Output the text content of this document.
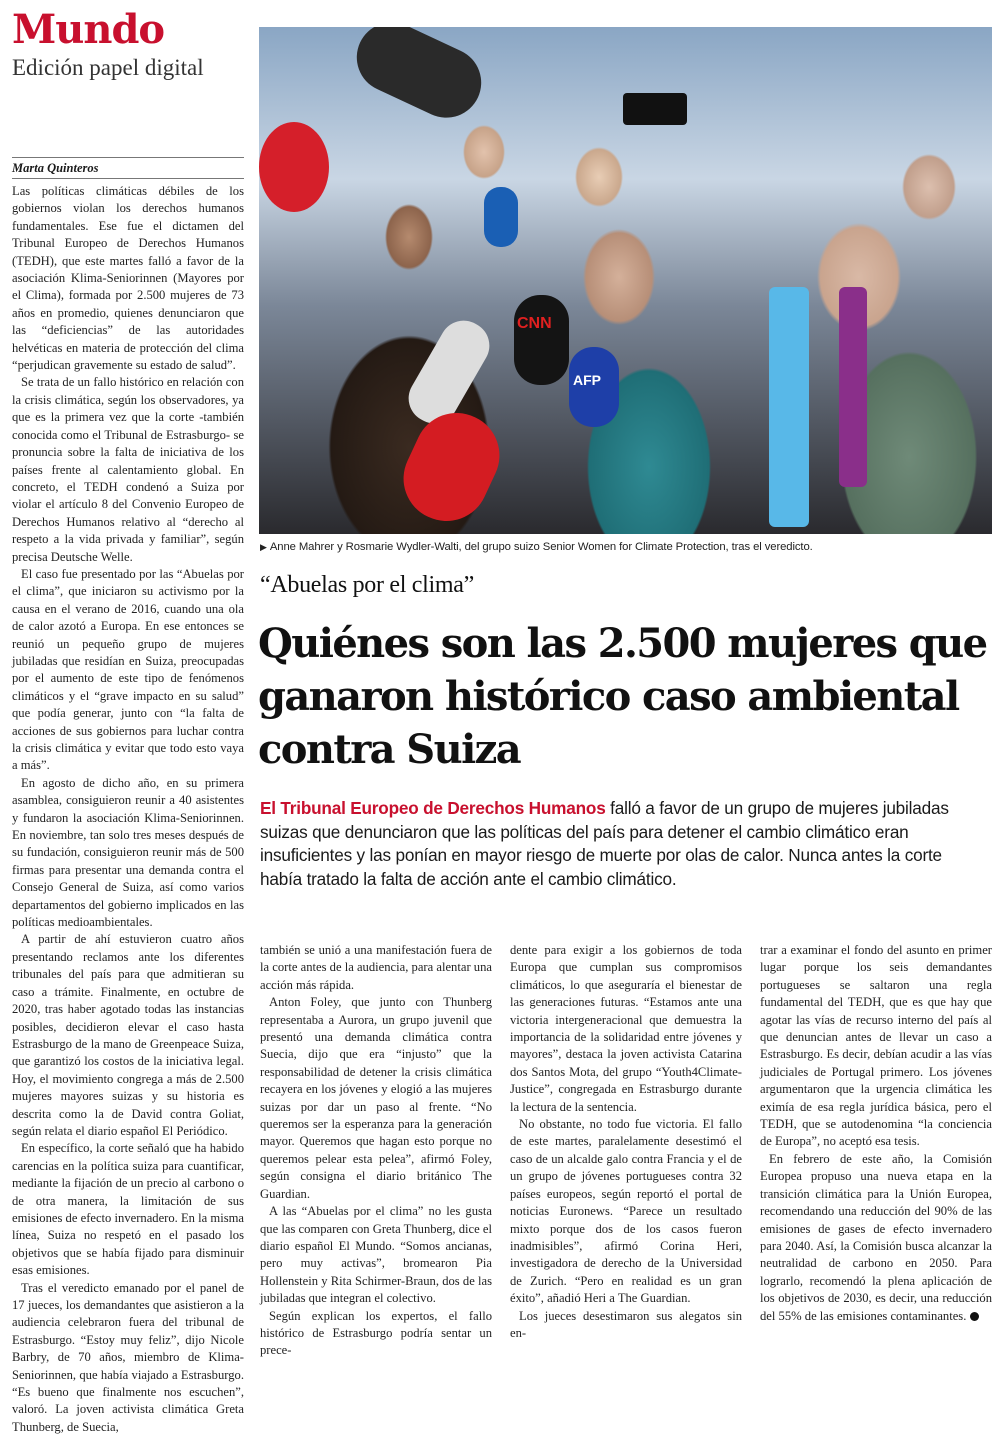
Mundo
Edición papel digital
Marta Quinteros

Las políticas climáticas débiles de los gobiernos violan los derechos humanos fundamentales. Ese fue el dictamen del Tribunal Europeo de Derechos Humanos (TEDH), que este martes falló a favor de la asociación Klima-Seniorinnen (Mayores por el Clima), formada por 2.500 mujeres de 73 años en promedio, quienes denunciaron que las “deficiencias” de las autoridades helvéticas en materia de protección del clima “perjudican gravemente su estado de salud”.

Se trata de un fallo histórico en relación con la crisis climática, según los observadores, ya que es la primera vez que la corte -también conocida como el Tribunal de Estrasburgo- se pronuncia sobre la falta de iniciativa de los países frente al calentamiento global. En concreto, el TEDH condenó a Suiza por violar el artículo 8 del Convenio Europeo de Derechos Humanos relativo al “derecho al respeto a la vida privada y familiar”, según precisa Deutsche Welle.

El caso fue presentado por las “Abuelas por el clima”, que iniciaron su activismo por la causa en el verano de 2016, cuando una ola de calor azotó a Europa. En ese entonces se reunió un pequeño grupo de mujeres jubiladas que residían en Suiza, preocupadas por el aumento de este tipo de fenómenos climáticos y el “grave impacto en su salud” que podía generar, junto con “la falta de acciones de sus gobiernos para luchar contra la crisis climática y evitar que todo esto vaya a más”.

En agosto de dicho año, en su primera asamblea, consiguieron reunir a 40 asistentes y fundaron la asociación Klima-Seniorinnen. En noviembre, tan solo tres meses después de su fundación, consiguieron reunir más de 500 firmas para presentar una demanda contra el Consejo General de Suiza, así como varios departamentos del gobierno implicados en las políticas medioambientales.

A partir de ahí estuvieron cuatro años presentando reclamos ante los diferentes tribunales del país para que admitieran su caso a trámite. Finalmente, en octubre de 2020, tras haber agotado todas las instancias posibles, decidieron elevar el caso hasta Estrasburgo de la mano de Greenpeace Suiza, que garantizó los costos de la iniciativa legal. Hoy, el movimiento congrega a más de 2.500 mujeres mayores suizas y su historia es descrita como la de David contra Goliat, según relata el diario español El Periódico.

En específico, la corte señaló que ha habido carencias en la política suiza para cuantificar, mediante la fijación de un precio al carbono o de otra manera, la limitación de sus emisiones de efecto invernadero. En la misma línea, Suiza no respetó en el pasado los objetivos que se había fijado para disminuir esas emisiones.

Tras el veredicto emanado por el panel de 17 jueces, los demandantes que asistieron a la audiencia celebraron fuera del tribunal de Estrasburgo. “Estoy muy feliz”, dijo Nicole Barbry, de 70 años, miembro de Klima-Seniorinnen, que había viajado a Estrasburgo. “Es bueno que finalmente nos escuchen”, valoró. La joven activista climática Greta Thunberg, de Suecia,

CNN
AFP
▶ Anne Mahrer y Rosmarie Wydler-Walti, del grupo suizo Senior Women for Climate Protection, tras el veredicto.
“Abuelas por el clima”
Quiénes son las 2.500 mujeres que ganaron histórico caso ambiental contra Suiza
El Tribunal Europeo de Derechos Humanos falló a favor de un grupo de mujeres jubiladas suizas que denunciaron que las políticas del país para detener el cambio climático eran insuficientes y las ponían en mayor riesgo de muerte por olas de calor. Nunca antes la corte había tratado la falta de acción ante el cambio climático.

también se unió a una manifestación fuera de la corte antes de la audiencia, para alentar una acción más rápida.

Anton Foley, que junto con Thunberg representaba a Aurora, un grupo juvenil que presentó una demanda climática contra Suecia, dijo que era “injusto” que la responsabilidad de detener la crisis climática recayera en los jóvenes y elogió a las mujeres suizas por dar un paso al frente. “No queremos ser la esperanza para la generación mayor. Queremos que hagan esto porque no queremos pelear esta pelea”, afirmó Foley, según consigna el diario británico The Guardian.

A las “Abuelas por el clima” no les gusta que las comparen con Greta Thunberg, dice el diario español El Mundo. “Somos ancianas, pero muy activas”, bromearon Pia Hollenstein y Rita Schirmer-Braun, dos de las jubiladas que integran el colectivo.

Según explican los expertos, el fallo histórico de Estrasburgo podría sentar un prece-

dente para exigir a los gobiernos de toda Europa que cumplan sus compromisos climáticos, lo que aseguraría el bienestar de las generaciones futuras. “Estamos ante una victoria intergeneracional que demuestra la importancia de la solidaridad entre jóvenes y mayores”, destaca la joven activista Catarina dos Santos Mota, del grupo “Youth4Climate-Justice”, congregada en Estrasburgo durante la lectura de la sentencia.

No obstante, no todo fue victoria. El fallo de este martes, paralelamente desestimó el caso de un alcalde galo contra Francia y el de un grupo de jóvenes portugueses contra 32 países europeos, según reportó el portal de noticias Euronews. “Parece un resultado mixto porque dos de los casos fueron inadmisibles”, afirmó Corina Heri, investigadora de derecho de la Universidad de Zurich. “Pero en realidad es un gran éxito”, añadió Heri a The Guardian.

Los jueces desestimaron sus alegatos sin en-

trar a examinar el fondo del asunto en primer lugar porque los seis demandantes portugueses se saltaron una regla fundamental del TEDH, que es que hay que agotar las vías de recurso interno del país al que denuncian antes de llevar un caso a Estrasburgo. Es decir, debían acudir a las vías judiciales de Portugal primero. Los jóvenes argumentaron que la urgencia climática les eximía de esa regla jurídica básica, pero el TEDH, que se autodenomina “la conciencia de Europa”, no aceptó esa tesis.

En febrero de este año, la Comisión Europea propuso una nueva etapa en la transición climática para la Unión Europea, recomendando una reducción del 90% de las emisiones de gases de efecto invernadero para 2040. Así, la Comisión busca alcanzar la neutralidad de carbono en 2050. Para lograrlo, recomendó la plena aplicación de los objetivos de 2030, es decir, una reducción del 55% de las emisiones contaminantes.
